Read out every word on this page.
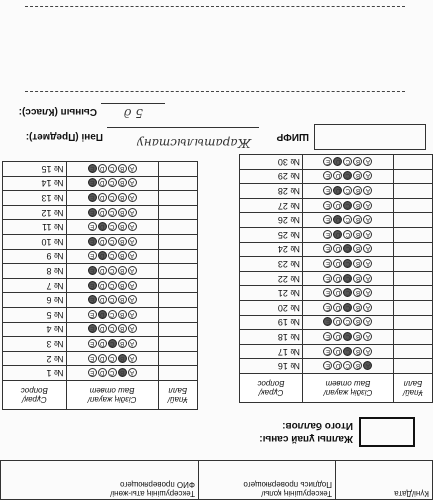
Күні/Дата	Тексерушінің қолы/
Подпись проверяющего	Тексерушінің аты-жөні/
ФИО проверяющего
Жалпы ұпай саны:
Итого баллов:
Ұпай/
Балл	Сіздің жауап/
Ваш ответ	Сұрақ/
Вопрос
	ABCDE	№ 16
	ABCDE	№ 17
	ABCDE	№ 18
	ABCDE	№ 19
	ABCDE	№ 20
	ABCDE	№ 21
	ABCDE	№ 22
	ABCDE	№ 23
	ABCDE	№ 24
	ABCDE	№ 25
	ABCDE	№ 26
	ABCDE	№ 27
	ABCDE	№ 28
	ABCDE	№ 29
	ABCDE	№ 30
Ұпай/
Балл	Сіздің жауап/
Ваш ответ	Сұрақ/
Вопрос
	ABCDE	№ 1
	ABCDE	№ 2
	ABCDE	№ 3
	ABCDE	№ 4
	ABCDE	№ 5
	ABCDE	№ 6
	ABCDE	№ 7
	ABCDE	№ 8
	ABCDE	№ 9
	ABCDE	№ 10
	ABCDE	№ 11
	ABCDE	№ 12
	ABCDE	№ 13
	ABCDE	№ 14
	ABCDE	№ 15
ШИФР
Пәні (Предмет):	Жаратылыстану
Сынып (Класс): 5 д
